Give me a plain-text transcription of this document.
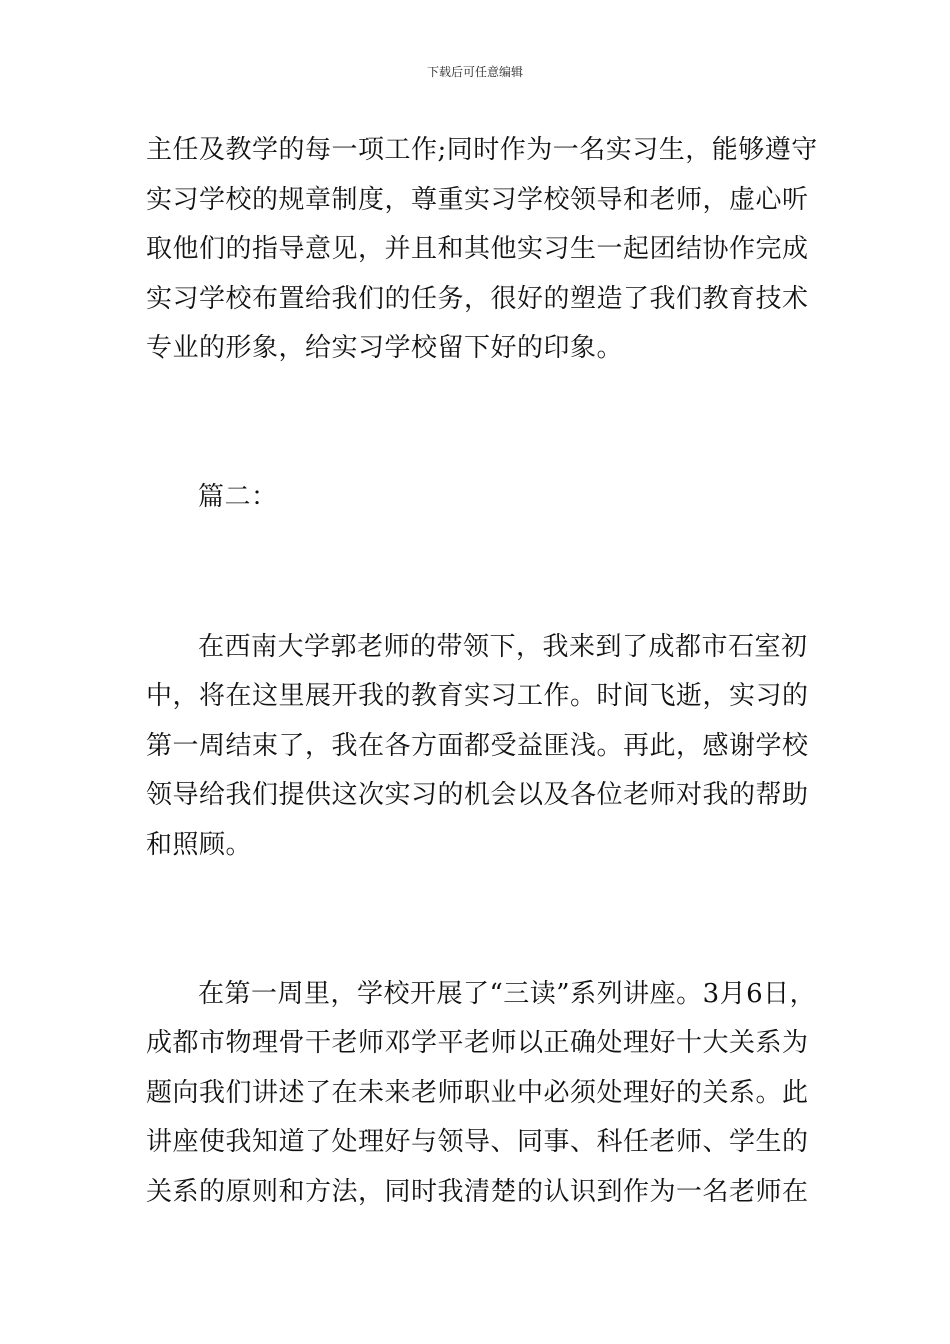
下载后可任意编辑
主任及教学的每一项工作;同时作为一名实习生，能够遵守
实习学校的规章制度，尊重实习学校领导和老师，虚心听
取他们的指导意见，并且和其他实习生一起团结协作完成
实习学校布置给我们的任务，很好的塑造了我们教育技术
专业的形象，给实习学校留下好的印象。
篇二：
在西南大学郭老师的带领下，我来到了成都市石室初
中，将在这里展开我的教育实习工作。时间飞逝，实习的
第一周结束了，我在各方面都受益匪浅。再此，感谢学校
领导给我们提供这次实习的机会以及各位老师对我的帮助
和照顾。
在第一周里，学校开展了“三读”系列讲座。3月6日，
成都市物理骨干老师邓学平老师以正确处理好十大关系为
题向我们讲述了在未来老师职业中必须处理好的关系。此
讲座使我知道了处理好与领导、同事、科任老师、学生的
关系的原则和方法，同时我清楚的认识到作为一名老师在
